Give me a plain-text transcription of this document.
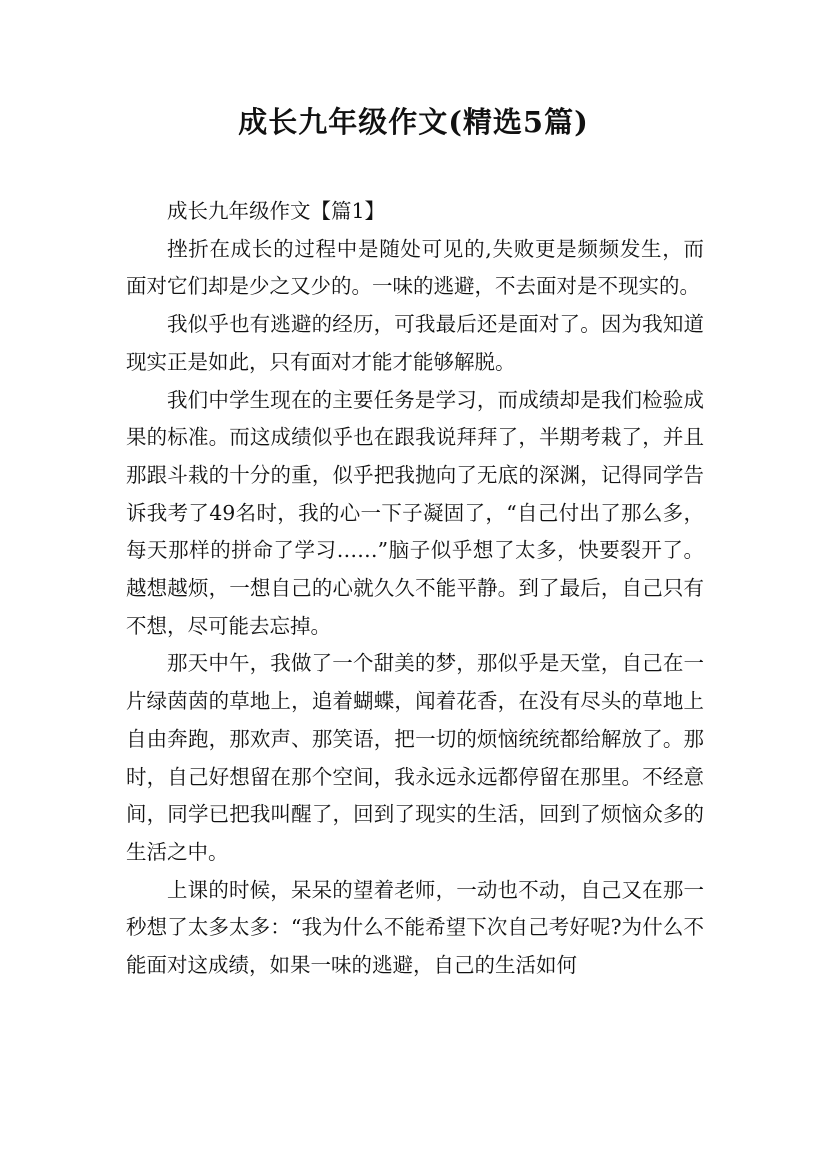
成长九年级作文(精选5篇)
成长九年级作文【篇1】

挫折在成长的过程中是随处可见的,失败更是频频发生，而面对它们却是少之又少的。一味的逃避，不去面对是不现实的。

我似乎也有逃避的经历，可我最后还是面对了。因为我知道现实正是如此，只有面对才能才能够解脱。

我们中学生现在的主要任务是学习，而成绩却是我们检验成果的标准。而这成绩似乎也在跟我说拜拜了，半期考栽了，并且那跟斗栽的十分的重，似乎把我抛向了无底的深渊，记得同学告诉我考了49名时，我的心一下子凝固了，“自己付出了那么多，每天那样的拼命了学习……”脑子似乎想了太多，快要裂开了。越想越烦，一想自己的心就久久不能平静。到了最后，自己只有不想，尽可能去忘掉。

那天中午，我做了一个甜美的梦，那似乎是天堂，自己在一片绿茵茵的草地上，追着蝴蝶，闻着花香，在没有尽头的草地上自由奔跑，那欢声、那笑语，把一切的烦恼统统都给解放了。那时，自己好想留在那个空间，我永远永远都停留在那里。不经意间，同学已把我叫醒了，回到了现实的生活，回到了烦恼众多的生活之中。

上课的时候，呆呆的望着老师，一动也不动，自己又在那一秒想了太多太多：“我为什么不能希望下次自己考好呢?为什么不能面对这成绩，如果一味的逃避，自己的生活如何
